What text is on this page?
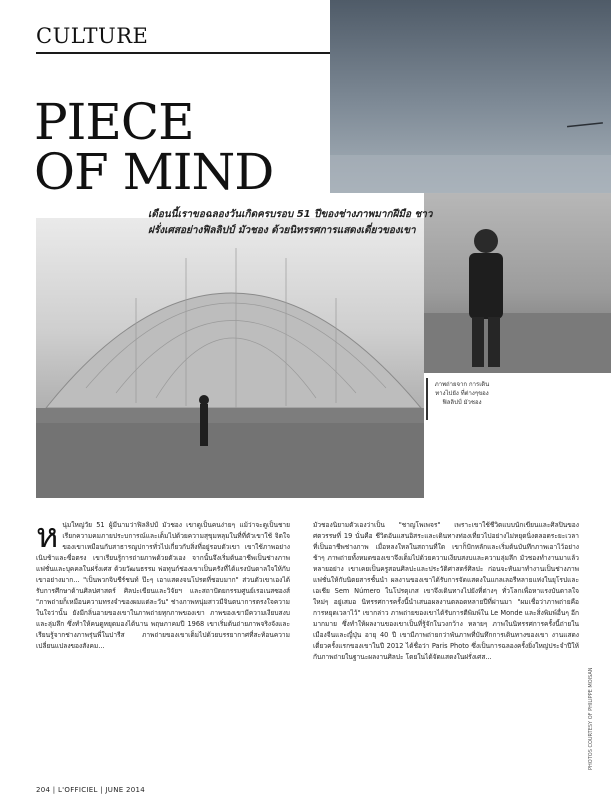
CULTURE
PIECE
OF MIND
เดือนนี้เราขอฉลองวันเกิดครบรอบ 51 ปีของช่างภาพมากฝีมือ ชาวฝรั่งเศสอย่างฟิลลิปป์ มัวชอง ด้วยนิทรรศการแสดงเดี่ยวของเขา
ภาพถ่ายจาก การเดินทางไปยัง ที่ต่างๆของ ฟิลลิปป์ มัวชอง
ห นุ่มใหญ่วัย 51 ผู้มีนามว่าฟิลลิปป์ มัวชอง เขาดูเป็นคนง่ายๆ แม้ว่าจะดูเป็นชายเรียกความคมภายประบการณ์และเต็มไปด้วยความสุขุมหลุมในที่ที่ตัวเขาใช้ จิตใจของเขาเหมือนกับสาธารณูปการทั่วไปเกี่ยวกับสิ่งที่อยู่รอบตัวเขา เขาใช้ภาพอย่างเนิบช้าและซื่อตรง เขาเรียนรู้การถ่ายภาพด้วยตัวเอง จากนั้นจึงเริ่มต้นอาชีพเป็นช่างภาพแฟชั่นและบุคคลในฝรั่งเศส ด้วยวัฒนธรรม พ่อทุนก์ช่องเขาเป็นครังที่ได้แรงบันดาลใจให้กับเขาอย่างมาก... "เป็นพวกจิบชีร์ชนท์ ป๊ะๆ เอาแสดงจนโปรดที่ชอบมาก" ส่วนตัวเขาเองได้รับการศึกษาด้านศิลปศาสตร์ ศิลปะเขียนและวิจัยฯ และสถาปัตยกรรมศูนย์เรอเนสซองส์ "ภาพถ่ายก็เหมือนความทรงจำของผมแต่ละวัน" ช่างภาพหนุ่มสาวมีจินตนาการตรงใจความในใจว่านั้น ยังมีกลิ่นอายของเขาในภาพถ่ายทุกภาพของเขา ภาพของเขามีความเงียบสงบและลุ่มลึก ซึ่งทำให้คนดูหยุดมองได้นาน พฤษภาคมปี 1968 เขาเริ่มต้นถ่ายภาพจริงจังและเรียนรู้จากช่างภาพรุ่นพี่ในปารีส ภาพถ่ายของเขาเต็มไปด้วยบรรยากาศที่สะท้อนความเปลี่ยนแปลงของสังคม...
มัวชองนิยามตัวเองว่าเป็น "ชาญโพเพจร" เพราะเขาใช้ชีวิตแบบนักเขียนและศิลปินของศตวรรษที่ 19 นั่นคือ ชีวิตอันแสนอิสระและเดินทางท่องเที่ยวไปอย่างไม่หยุดนิ่งตลอดระยะเวลาที่เป็นอาชีพช่างภาพ เมื่อหลงใหลในสถานที่ใด เขาก็ปักหลักและเริ่มต้นบันทึกภาพเอาไว้อย่างช้าๆ ภาพถ่ายทั้งหมดของเขาจึงเต็มไปด้วยความเงียบสงบและความลุ่มลึก มัวชองทำงานมาแล้วหลายอย่าง เขาเคยเป็นครูสอนศิลปะและประวัติศาสตร์ศิลปะ ก่อนจะหันมาทำงานเป็นช่างภาพแฟชั่นให้กับนิตยสารชั้นนำ ผลงานของเขาได้รับการจัดแสดงในแกลเลอรีหลายแห่งในยุโรปและเอเชีย Sem Número ในโปรตุเกส เขาจึงเดินทางไปยังที่ต่างๆ ทั่วโลกเพื่อหาแรงบันดาลใจใหม่ๆ อยู่เสมอ นิทรรศการครั้งนี้นำเสนอผลงานตลอดหลายปีที่ผ่านมา "ผมเชื่อว่าภาพถ่ายคือการหยุดเวลาไว้" เขากล่าว ภาพถ่ายของเขาได้รับการตีพิมพ์ใน Le Monde และสิ่งพิมพ์อื่นๆ อีกมากมาย ซึ่งทำให้ผลงานของเขาเป็นที่รู้จักในวงกว้าง หลายๆ ภาพในนิทรรศการครั้งนี้ถ่ายในเมืองจีนและญี่ปุ่น อายุ 40 ปี เขามีภาพถ่ายกว่าพันภาพที่บันทึกการเดินทางของเขา งานแสดงเดี่ยวครั้งแรกของเขาในปี 2012 ได้ชื่อว่า Paris Photo ซึ่งเป็นการฉลองครั้งยิ่งใหญ่ประจำปีให้กับภาพถ่ายในฐานะผลงานศิลปะ โดยในได้จัดแสดงในฝรั่งเศส...
PHOTOS COURTESY OF PHILIPPE MOISAN
204 | L'OFFICIEL | JUNE 2014
